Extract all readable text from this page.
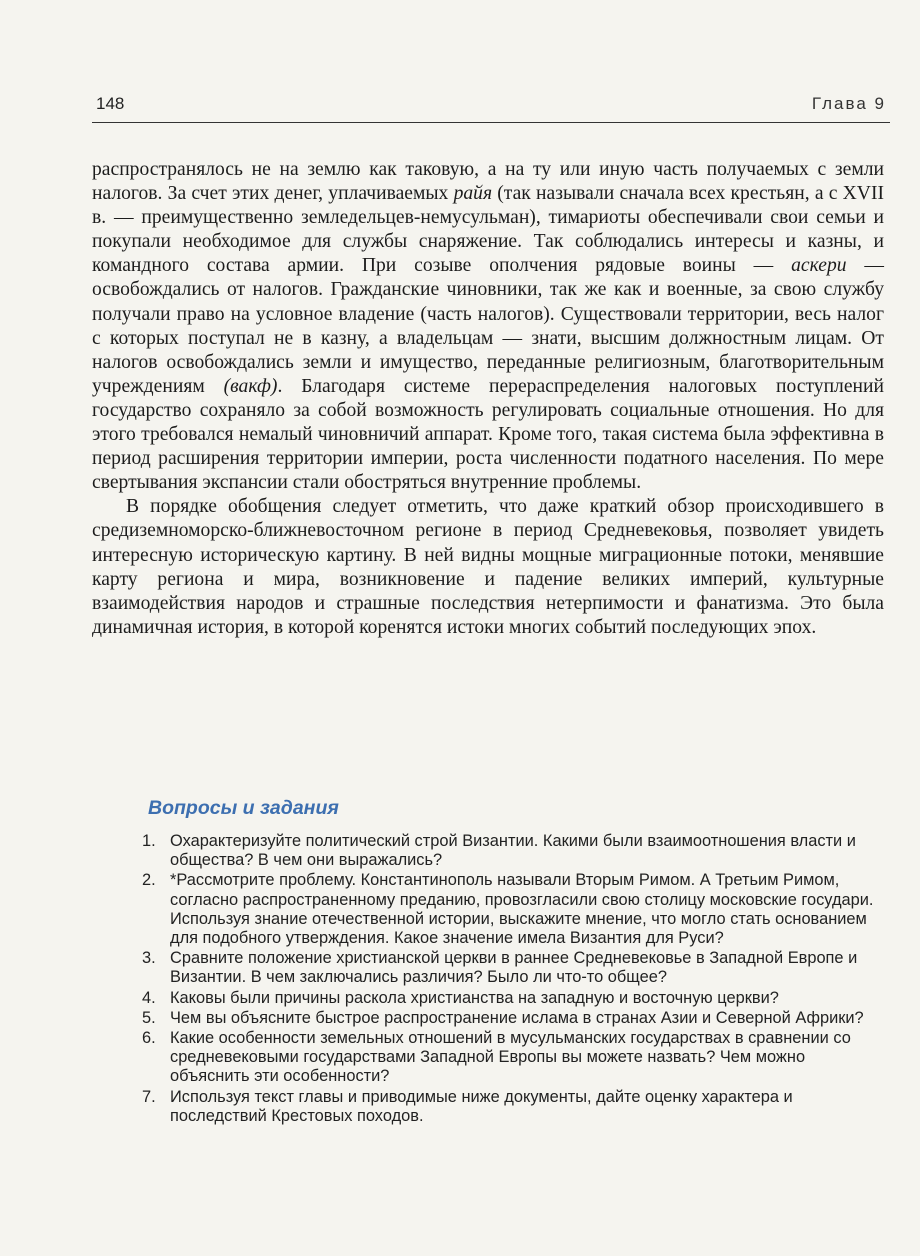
148	Глава 9

распространялось не на землю как таковую, а на ту или иную часть получаемых с земли налогов. За счет этих денег, уплачиваемых райя (так называли сначала всех крестьян, а с XVII в. — преимущественно земледельцев-немусульман), тимариоты обеспечивали свои семьи и покупали необходимое для службы снаряжение. Так соблюдались интересы и казны, и командного состава армии. При созыве ополчения рядовые воины — аскери — освобождались от налогов. Гражданские чиновники, так же как и военные, за свою службу получали право на условное владение (часть налогов). Существовали территории, весь налог с которых поступал не в казну, а владельцам — знати, высшим должностным лицам. От налогов освобождались земли и имущество, переданные религиозным, благотворительным учреждениям (вакф). Благодаря системе перераспределения налоговых поступлений государство сохраняло за собой возможность регулировать социальные отношения. Но для этого требовался немалый чиновничий аппарат. Кроме того, такая система была эффективна в период расширения территории империи, роста численности податного населения. По мере свертывания экспансии стали обостряться внутренние проблемы.

В порядке обобщения следует отметить, что даже краткий обзор происходившего в средиземноморско-ближневосточном регионе в период Средневековья, позволяет увидеть интересную историческую картину. В ней видны мощные миграционные потоки, менявшие карту региона и мира, возникновение и падение великих империй, культурные взаимодействия народов и страшные последствия нетерпимости и фанатизма. Это была динамичная история, в которой коренятся истоки многих событий последующих эпох.

Вопросы и задания
1. Охарактеризуйте политический строй Византии. Какими были взаимоотношения власти и общества? В чем они выражались?
2. *Рассмотрите проблему. Константинополь называли Вторым Римом. А Третьим Римом, согласно распространенному преданию, провозгласили свою столицу московские государи. Используя знание отечественной истории, выскажите мнение, что могло стать основанием для подобного утверждения. Какое значение имела Византия для Руси?
3. Сравните положение христианской церкви в раннее Средневековье в Западной Европе и Византии. В чем заключались различия? Было ли что-то общее?
4. Каковы были причины раскола христианства на западную и восточную церкви?
5. Чем вы объясните быстрое распространение ислама в странах Азии и Северной Африки?
6. Какие особенности земельных отношений в мусульманских государствах в сравнении со средневековыми государствами Западной Европы вы можете назвать? Чем можно объяснить эти особенности?
7. Используя текст главы и приводимые ниже документы, дайте оценку характера и последствий Крестовых походов.
